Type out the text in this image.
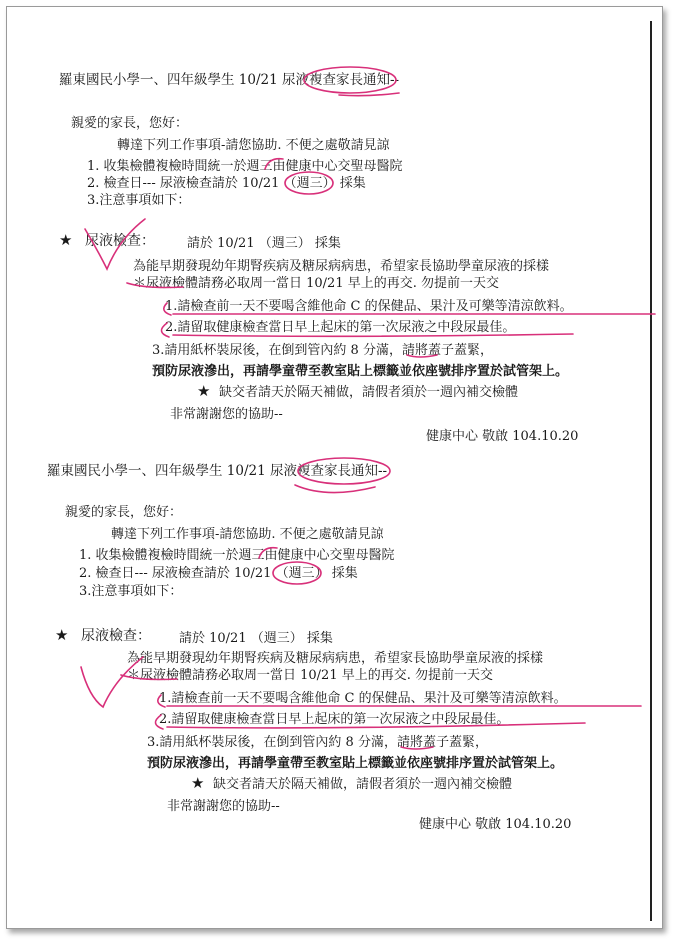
羅東國民小學一、四年級學生 10/21 尿液複查家長通知--
親愛的家長，您好：
轉達下列工作事項-請您協助. 不便之處敬請見諒
1. 收集檢體複檢時間統一於週三由健康中心交聖母醫院
2. 檢查日--- 尿液檢查請於 10/21 （週三） 採集
3.注意事項如下：
★ 尿液檢查： 請於 10/21 （週三） 採集
為能早期發現幼年期腎疾病及糖尿病病患，希望家長協助學童尿液的採樣
＊尿液檢體請務必取周一當日 10/21 早上的再交. 勿提前一天交
1.請檢查前一天不要喝含維他命 C 的保健品、果汁及可樂等清涼飲料。
2.請留取健康檢查當日早上起床的第一次尿液之中段尿最佳。
3.請用紙杯裝尿後，在倒到管內約 8 分滿，請將蓋子蓋緊，
預防尿液滲出，再請學童帶至教室貼上標籤並依座號排序置於試管架上。
★ 缺交者請天於隔天補做，請假者須於一週內補交檢體
非常謝謝您的協助--
健康中心 敬啟 104.10.20
羅東國民小學一、四年級學生 10/21 尿液複查家長通知--
親愛的家長，您好：
轉達下列工作事項-請您協助. 不便之處敬請見諒
1. 收集檢體複檢時間統一於週三由健康中心交聖母醫院
2. 檢查日--- 尿液檢查請於 10/21 （週三） 採集
3.注意事項如下：
★ 尿液檢查： 請於 10/21 （週三） 採集
為能早期發現幼年期腎疾病及糖尿病病患，希望家長協助學童尿液的採樣
＊尿液檢體請務必取周一當日 10/21 早上的再交. 勿提前一天交
1.請檢查前一天不要喝含維他命 C 的保健品、果汁及可樂等清涼飲料。
2.請留取健康檢查當日早上起床的第一次尿液之中段尿最佳。
3.請用紙杯裝尿後，在倒到管內約 8 分滿，請將蓋子蓋緊，
預防尿液滲出，再請學童帶至教室貼上標籤並依座號排序置於試管架上。
★ 缺交者請天於隔天補做，請假者須於一週內補交檢體
非常謝謝您的協助--
健康中心 敬啟 104.10.20
